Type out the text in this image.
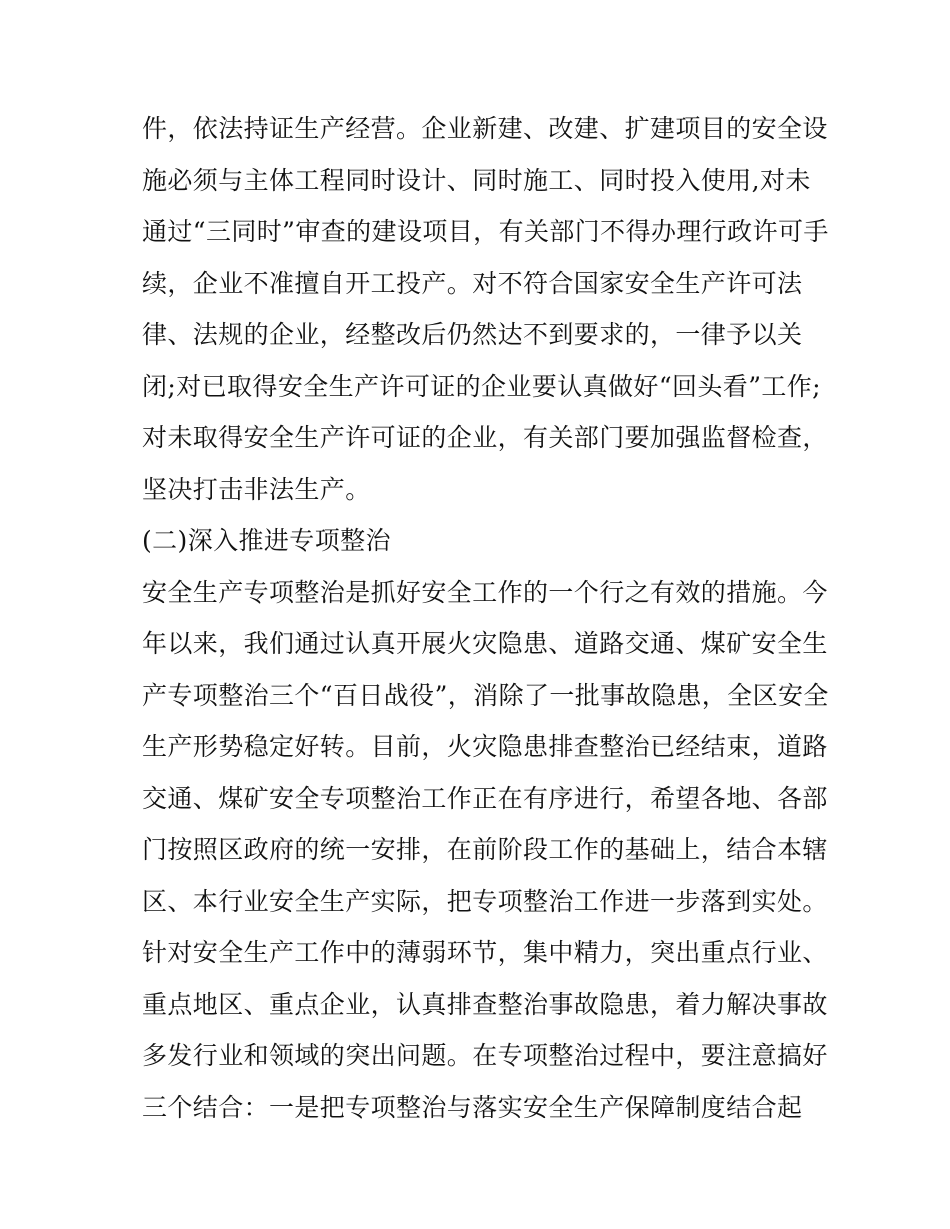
件，依法持证生产经营。企业新建、改建、扩建项目的安全设
施必须与主体工程同时设计、同时施工、同时投入使用,对未
通过“三同时”审查的建设项目，有关部门不得办理行政许可手
续，企业不准擅自开工投产。对不符合国家安全生产许可法
律、法规的企业，经整改后仍然达不到要求的，一律予以关
闭;对已取得安全生产许可证的企业要认真做好“回头看”工作;
对未取得安全生产许可证的企业，有关部门要加强监督检查，
坚决打击非法生产。
(二)深入推进专项整治
安全生产专项整治是抓好安全工作的一个行之有效的措施。今
年以来，我们通过认真开展火灾隐患、道路交通、煤矿安全生
产专项整治三个“百日战役”，消除了一批事故隐患，全区安全
生产形势稳定好转。目前，火灾隐患排查整治已经结束，道路
交通、煤矿安全专项整治工作正在有序进行，希望各地、各部
门按照区政府的统一安排，在前阶段工作的基础上，结合本辖
区、本行业安全生产实际，把专项整治工作进一步落到实处。
针对安全生产工作中的薄弱环节，集中精力，突出重点行业、
重点地区、重点企业，认真排查整治事故隐患，着力解决事故
多发行业和领域的突出问题。在专项整治过程中，要注意搞好
三个结合：一是把专项整治与落实安全生产保障制度结合起
